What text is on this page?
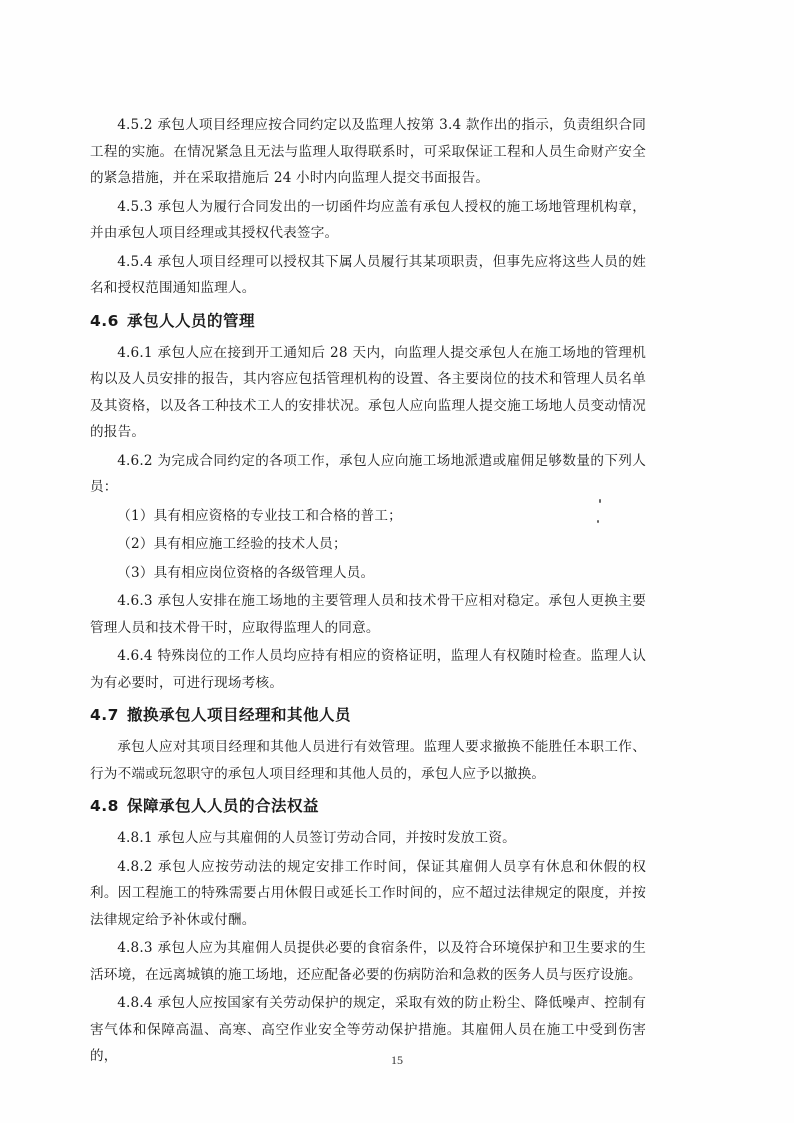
4.5.2 承包人项目经理应按合同约定以及监理人按第 3.4 款作出的指示，负责组织合同工程的实施。在情况紧急且无法与监理人取得联系时，可采取保证工程和人员生命财产安全的紧急措施，并在采取措施后 24 小时内向监理人提交书面报告。

4.5.3 承包人为履行合同发出的一切函件均应盖有承包人授权的施工场地管理机构章，并由承包人项目经理或其授权代表签字。

4.5.4 承包人项目经理可以授权其下属人员履行其某项职责，但事先应将这些人员的姓名和授权范围通知监理人。

4.6 承包人人员的管理

4.6.1 承包人应在接到开工通知后 28 天内，向监理人提交承包人在施工场地的管理机构以及人员安排的报告，其内容应包括管理机构的设置、各主要岗位的技术和管理人员名单及其资格，以及各工种技术工人的安排状况。承包人应向监理人提交施工场地人员变动情况的报告。

4.6.2 为完成合同约定的各项工作，承包人应向施工场地派遣或雇佣足够数量的下列人员：

（1）具有相应资格的专业技工和合格的普工；

（2）具有相应施工经验的技术人员；

（3）具有相应岗位资格的各级管理人员。

4.6.3 承包人安排在施工场地的主要管理人员和技术骨干应相对稳定。承包人更换主要管理人员和技术骨干时，应取得监理人的同意。

4.6.4 特殊岗位的工作人员均应持有相应的资格证明，监理人有权随时检查。监理人认为有必要时，可进行现场考核。

4.7 撤换承包人项目经理和其他人员

承包人应对其项目经理和其他人员进行有效管理。监理人要求撤换不能胜任本职工作、行为不端或玩忽职守的承包人项目经理和其他人员的，承包人应予以撤换。

4.8 保障承包人人员的合法权益

4.8.1 承包人应与其雇佣的人员签订劳动合同，并按时发放工资。

4.8.2 承包人应按劳动法的规定安排工作时间，保证其雇佣人员享有休息和休假的权利。因工程施工的特殊需要占用休假日或延长工作时间的，应不超过法律规定的限度，并按法律规定给予补休或付酬。

4.8.3 承包人应为其雇佣人员提供必要的食宿条件，以及符合环境保护和卫生要求的生活环境，在远离城镇的施工场地，还应配备必要的伤病防治和急救的医务人员与医疗设施。

4.8.4 承包人应按国家有关劳动保护的规定，采取有效的防止粉尘、降低噪声、控制有害气体和保障高温、高寒、高空作业安全等劳动保护措施。其雇佣人员在施工中受到伤害的，	15
